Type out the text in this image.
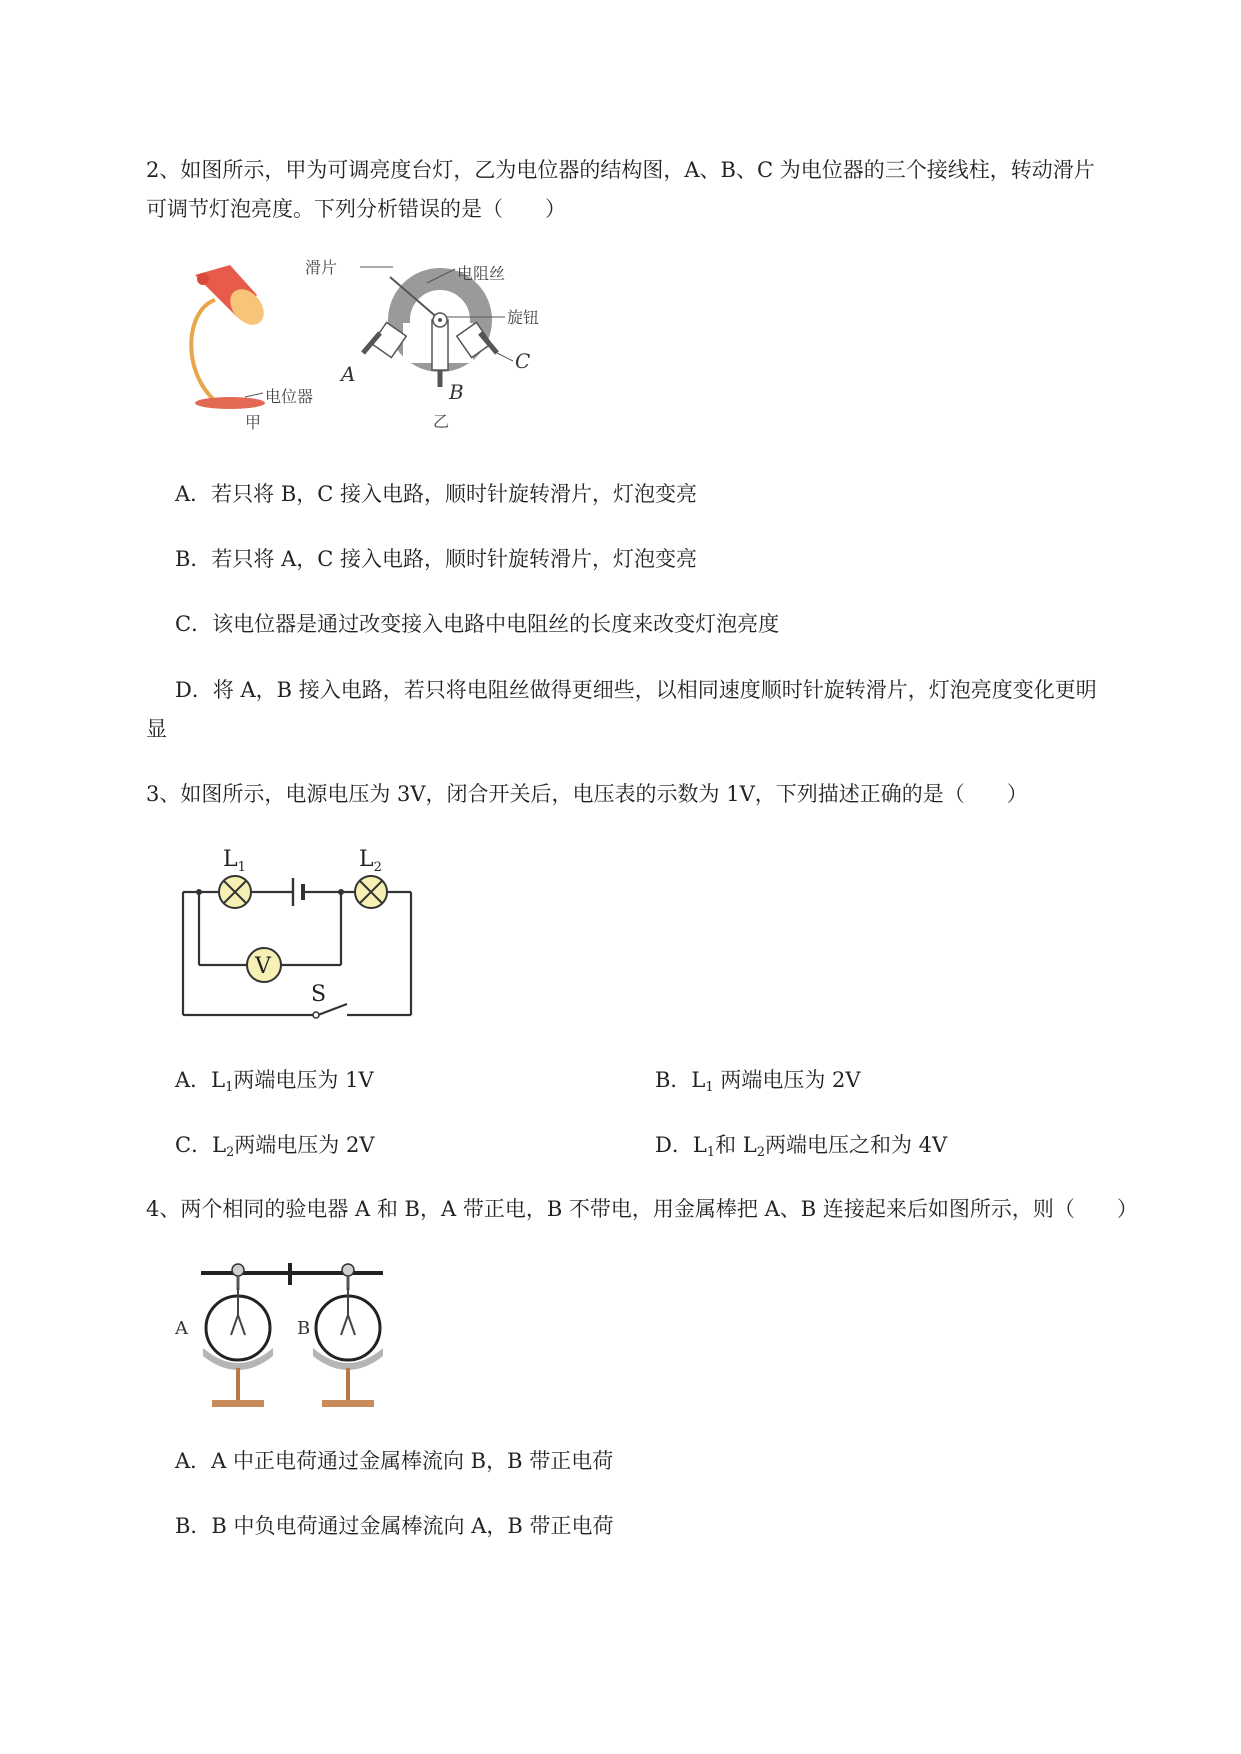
2、如图所示，甲为可调亮度台灯，乙为电位器的结构图，A、B、C 为电位器的三个接线柱，转动滑片
可调节灯泡亮度。下列分析错误的是（　　）
电位器
甲
滑片	电阻丝
旋钮
A
B
C
乙
A．若只将 B，C 接入电路，顺时针旋转滑片，灯泡变亮
B．若只将 A，C 接入电路，顺时针旋转滑片，灯泡变亮
C．该电位器是通过改变接入电路中电阻丝的长度来改变灯泡亮度
D．将 A，B 接入电路，若只将电阻丝做得更细些，以相同速度顺时针旋转滑片，灯泡亮度变化更明
显
3、如图所示，电源电压为 3V，闭合开关后，电压表的示数为 1V，下列描述正确的是（　　）
V
$L_1$	$L_2$
S
A．$L_1$两端电压为 1V	B．$L_1$ 两端电压为 2V
C．$L_2$两端电压为 2V	D．$L_1$和 $L_2$两端电压之和为 4V
4、两个相同的验电器 A 和 B，A 带正电，B 不带电，用金属棒把 A、B 连接起来后如图所示，则（　　）
A	B
A．A 中正电荷通过金属棒流向 B，B 带正电荷
B．B 中负电荷通过金属棒流向 A，B 带正电荷
